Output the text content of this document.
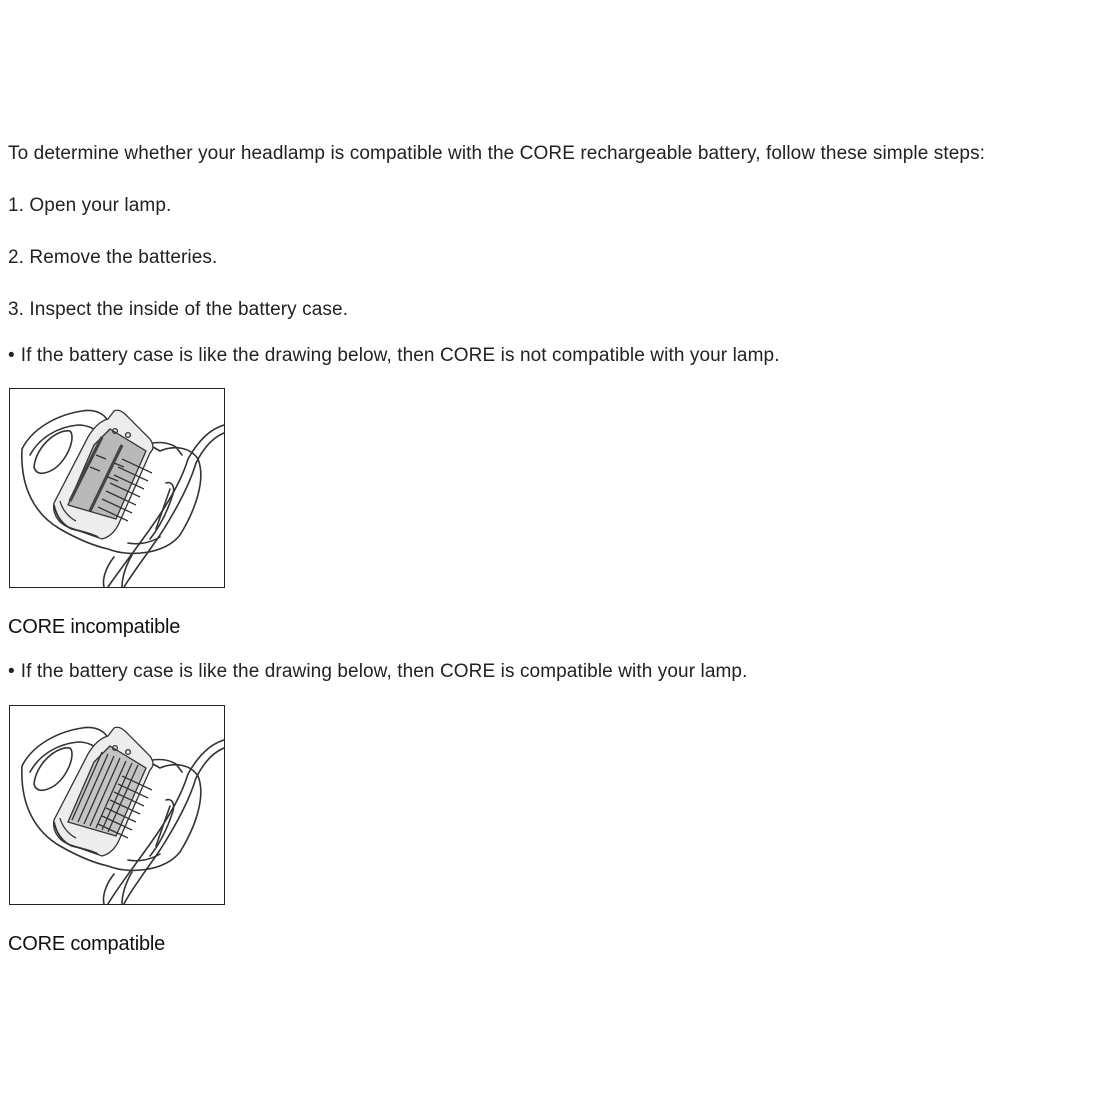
To determine whether your headlamp is compatible with the CORE rechargeable battery, follow these simple steps:
1. Open your lamp.
2. Remove the batteries.
3. Inspect the inside of the battery case.
• If the battery case is like the drawing below, then CORE is not compatible with your lamp.
CORE incompatible
• If the battery case is like the drawing below, then CORE is compatible with your lamp.
CORE compatible
